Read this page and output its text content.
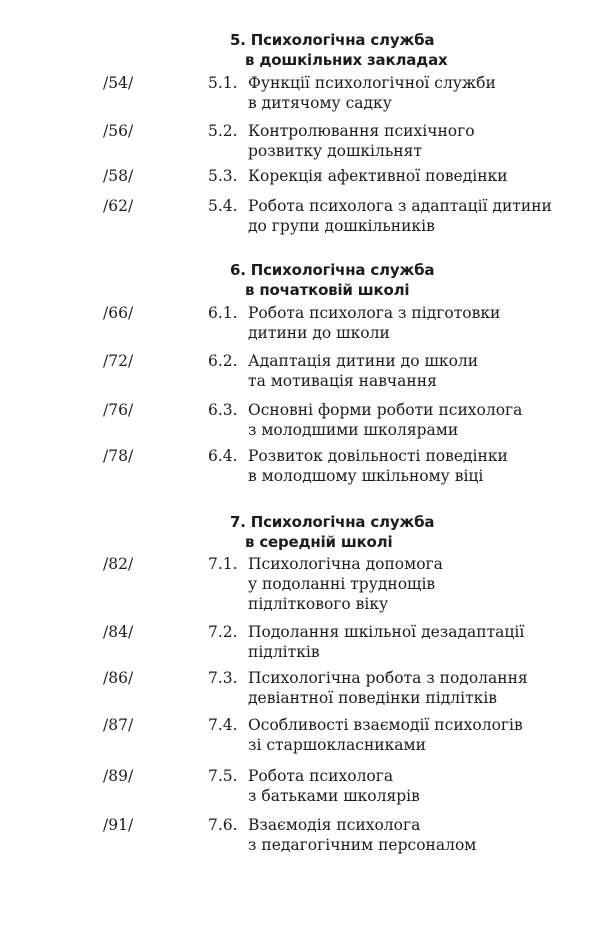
5. Психологічна служба
в дошкільних закладах
/54/	5.1. Функції психологічної служби
в дитячому садку
/56/	5.2. Контролювання психічного
розвитку дошкільнят
/58/	5.3. Корекція афективної поведінки
/62/	5.4. Робота психолога з адаптації дитини
до групи дошкільників
6. Психологічна служба
в початковій школі
/66/	6.1. Робота психолога з підготовки
дитини до школи
/72/	6.2. Адаптація дитини до школи
та мотивація навчання
/76/	6.3. Основні форми роботи психолога
з молодшими школярами
/78/	6.4. Розвиток довільності поведінки
в молодшому шкільному віці
7. Психологічна служба
в середній школі
/82/	7.1. Психологічна допомога
у подоланні труднощів
підліткового віку
/84/	7.2. Подолання шкільної дезадаптації
підлітків
/86/	7.3. Психологічна робота з подолання
девіантної поведінки підлітків
/87/	7.4. Особливості взаємодії психологів
зі старшокласниками
/89/	7.5. Робота психолога
з батьками школярів
/91/	7.6. Взаємодія психолога
з педагогічним персоналом
